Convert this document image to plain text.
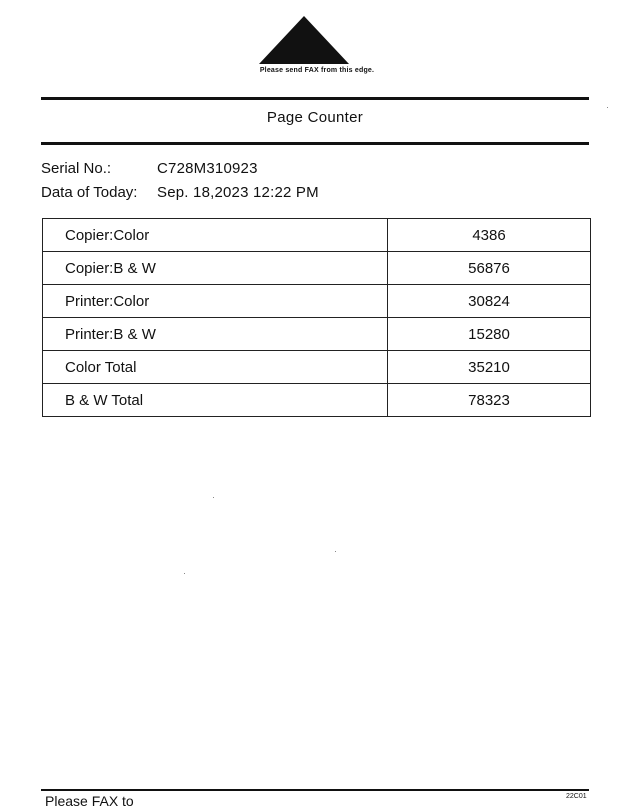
Please send FAX from this edge.
Page Counter
Serial No.:	C728M310923
Data of Today: Sep. 18,2023 12:22 PM
Copier:Color	4386
Copier:B & W	56876
Printer:Color	30824
Printer:B & W	15280
Color Total	35210
B & W Total	78323
Please FAX to	22C01
